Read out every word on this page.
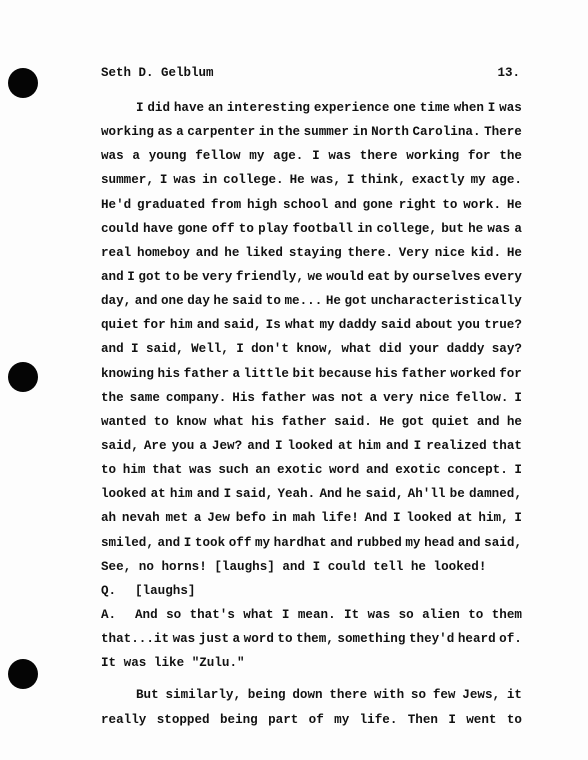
Seth D. Gelblum	13.
I did have an interesting experience one time when I was
working as a carpenter in the summer in North Carolina. There
was a young fellow my age. I was there working for the
summer, I was in college. He was, I think, exactly my age.
He'd graduated from high school and gone right to work. He
could have gone off to play football in college, but he was a
real homeboy and he liked staying there. Very nice kid. He
and I got to be very friendly, we would eat by ourselves every
day, and one day he said to me... He got uncharacteristically
quiet for him and said, Is what my daddy said about you true?
and I said, Well, I don't know, what did your daddy say?
knowing his father a little bit because his father worked for
the same company. His father was not a very nice fellow. I
wanted to know what his father said. He got quiet and he
said, Are you a Jew? and I looked at him and I realized that
to him that was such an exotic word and exotic concept. I
looked at him and I said, Yeah. And he said, Ah'll be damned,
ah nevah met a Jew befo in mah life! And I looked at him, I
smiled, and I took off my hardhat and rubbed my head and said,
See, no horns! [laughs] and I could tell he looked!
Q.	[laughs]
A.	And so that's what I mean. It was so alien to them
that...it was just a word to them, something they'd heard of.
It was like "Zulu."
But similarly, being down there with so few Jews, it
really stopped being part of my life. Then I went to
